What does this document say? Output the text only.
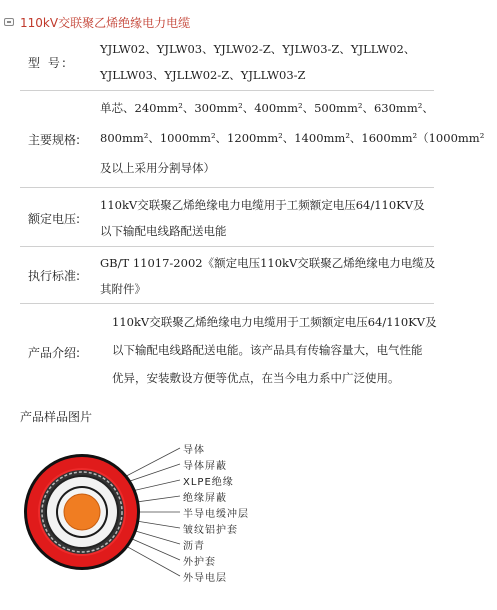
110kV交联聚乙烯绝缘电力电缆
型 号:

YJLW02、YJLW03、YJLW02-Z、YJLW03-Z、YJLLW02、

YJLLW03、YJLLW02-Z、YJLLW03-Z

主要规格:

单芯、240mm²、300mm²、400mm²、500mm²、630mm²、

800mm²、1000mm²、1200mm²、1400mm²、1600mm²（1000mm²

及以上采用分割导体）

额定电压:

110kV交联聚乙烯绝缘电力电缆用于工频额定电压64/110KV及

以下输配电线路配送电能

执行标准:

GB/T 11017-2002《额定电压110kV交联聚乙烯绝缘电力电缆及

其附件》

产品介绍:

110kV交联聚乙烯绝缘电力电缆用于工频额定电压64/110KV及

以下输配电线路配送电能。该产品具有传输容量大，电气性能

优异，安装敷设方便等优点，在当今电力系中广泛使用。

产品样品图片
导体
导体屏蔽
XLPE绝缘
绝缘屏蔽
半导电缓冲层
皱纹铝护套
沥青
外护套
外导电层
